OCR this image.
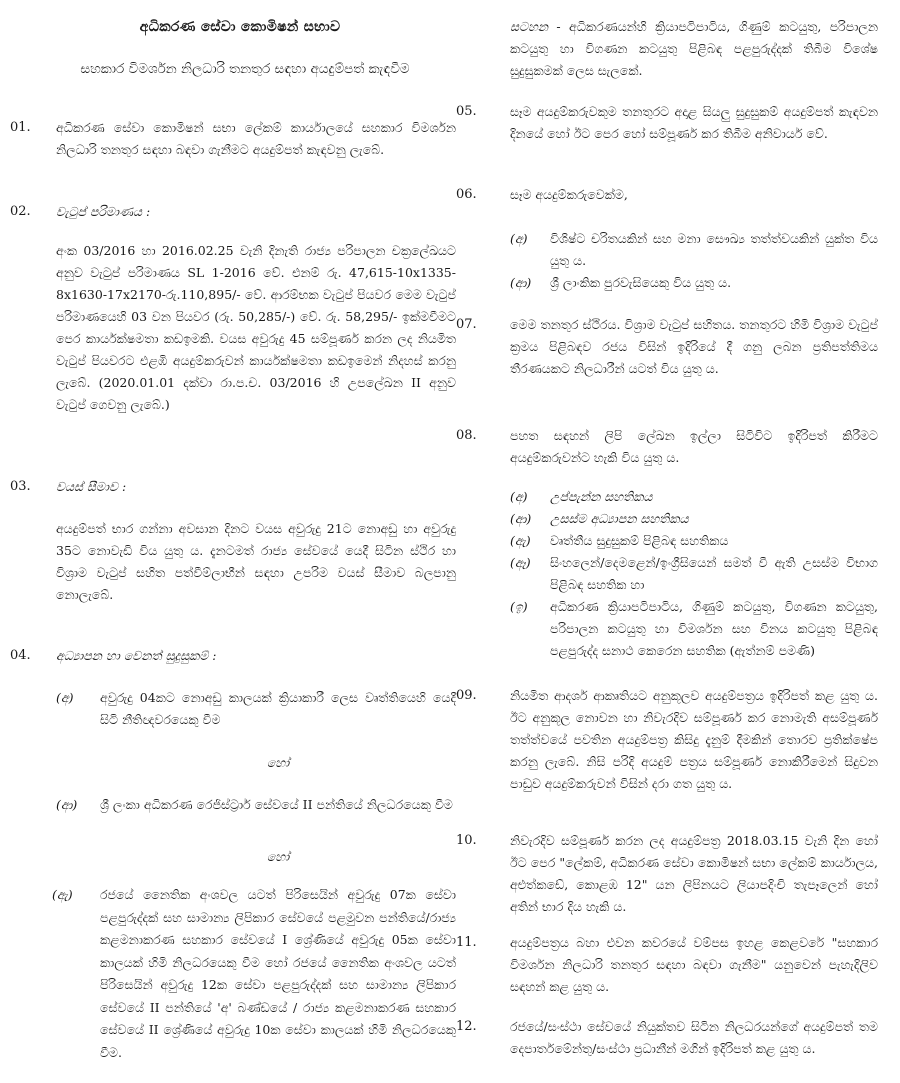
අධිකරණ සේවා කොමිෂන් සභාව

සහකාර විමර්ශන නිලධාරි තනතුර සඳහා අයදුම්පත් කැඳවීම

01. අධිකරණ සේවා කොමිෂන් සභා ලේකම් කාර්යාලයේ සහකාර විමර්ශන නිලධාරි තනතුර සඳහා බඳවා ගැනීමට අයදුම්පත් කැඳවනු ලැබේ.

02. වැටුප් පරිමාණය :

අංක 03/2016 හා 2016.02.25 වැනි දිනැති රාජ්‍ය පරිපාලන චක්‍රලේඛයට අනුව වැටුප් පරිමාණය SL 1-2016 වේ. එනම් රු. 47,615-10x1335-8x1630-17x2170-රු.110,895/- වේ. ආරම්භක වැටුප් පියවර මෙම වැටුප් පරිමාණයෙහි 03 වන පියවර (රු. 50,285/-) වේ. රු. 58,295/- ඉක්මවීමට පෙර කාර්යක්ෂමතා කඩඉමකි. වයස අවුරුදු 45 සම්පූර්ණ කරන ලද නියමිත වැටුප් පියවරට එළඹි අයදුම්කරුවන් කාර්යක්ෂමතා කඩඉමෙන් නිදහස් කරනු ලැබේ. (2020.01.01 දක්වා රා.ප.ච. 03/2016 හි උපලේඛන II අනුව වැටුප් ගෙවනු ලැබේ.)

03. වයස් සීමාව :

අයදුම්පත් භාර ගන්නා අවසාන දිනට වයස අවුරුදු 21ට නොඅඩු හා අවුරුදු 35ට නොවැඩි විය යුතු ය. දැනටමත් රාජ්‍ය සේවයේ යෙදී සිටින ස්ථිර හා විශ්‍රාම වැටුප් සහිත පත්වීම්ලාභීන් සඳහා උපරිම වයස් සීමාව බලපානු නොලැබේ.

04. අධ්‍යාපන හා වෙනත් සුදුසුකම් :

(අ) අවුරුදු 04කට නොඅඩු කාලයක් ක්‍රියාකාරී ලෙස වෘත්තියෙහි යෙදී සිටි නීතිඥවරයෙකු වීම

හෝ

(ආ) ශ්‍රී ලංකා අධිකරණ රෙජිස්ට්‍රාර් සේවයේ II පන්තියේ නිලධරයෙකු වීම

හෝ

(ඇ) රජයේ නෛතික අංශවල යටත් පිරිසෙයින් අවුරුදු 07ක සේවා පළපුරුද්දක් සහ සාමාන්‍ය ලිපිකාර සේවයේ පළමුවන පන්තියේ/රාජ්‍ය කළමනාකරණ සහකාර සේවයේ I ශ්‍රේණියේ අවුරුදු 05ක සේවා කාලයක් හිමි නිලධරයෙකු වීම හෝ රජයේ නෛතික අංශවල යටත් පිරිසෙයින් අවුරුදු 12ක සේවා පළපුරුද්දක් සහ සාමාන්‍ය ලිපිකාර සේවයේ II පන්තියේ 'අ' බණ්ඩයේ / රාජ්‍ය කළමනාකරණ සහකාර සේවයේ II ශ්‍රේණියේ අවුරුදු 10ක සේවා කාලයක් හිමි නිලධරයෙකු වීම.

සටහන - අධිකරණයන්හි ක්‍රියාපටිපාටිය, ගිණුම් කටයුතු, පරිපාලන කටයුතු හා විගණන කටයුතු පිළිබඳ පළපුරුද්දක් තිබීම විශේෂ සුදුසුකමක් ලෙස සැලකේ.

05.	සෑම අයදුම්කරුවකුම තනතුරට අදාළ සියලු සුදුසුකම් අයදුම්පත් කැඳවන දිනයේ හෝ ඊට පෙර හෝ සම්පූර්ණ කර තිබීම අනිවාර්ය වේ.

06.	සෑම අයදුම්කරුවෙක්ම,

(අ) විශිෂ්ට චරිතයකින් සහ මනා සෞඛ්‍ය තත්ත්වයකින් යුක්ත විය යුතු ය.

(ආ) ශ්‍රී ලාංකික පුරවැසියෙකු විය යුතු ය.

07.	මෙම තනතුර ස්ථිරය. විශ්‍රාම වැටුප් සහිතය. තනතුරට හිමි විශ්‍රාම වැටුප් ක්‍රමය පිළිබඳව රජය විසින් ඉදිරියේ දී ගනු ලබන ප්‍රතිපත්තිමය තීරණයකට නිලධාරීන් යටත් විය යුතු ය.

08.	පහත සඳහන් ලිපි ලේඛන ඉල්ලා සිටිවිට ඉදිරිපත් කිරීමට අයදුම්කරුවන්ට හැකි විය යුතු ය.

(අ) උප්පැන්න සහතිකය

(ආ) උසස්ම අධ්‍යාපන සහතිකය

(ඇ) වෘත්තීය සුදුසුකම් පිළිබඳ සහතිකය

(ඈ) සිංහලෙන්/දෙමළෙන්/ඉංග්‍රීසියෙන් සමත් වී ඇති උසස්ම විභාග පිළිබඳ සහතික හා

(ඉ) අධිකරණ ක්‍රියාපටිපාටිය, ගිණුම් කටයුතු, විගණන කටයුතු, පරිපාලන කටයුතු හා විමර්ශන සහ විනය කටයුතු පිළිබඳ පළපුරුද්ද සනාථ කෙරෙන සහතික (ඇත්නම් පමණි)

09.	නියමිත ආදර්ශ ආකෘතියට අනුකූලව අයදුම්පත්‍රය ඉදිරිපත් කළ යුතු ය. ඊට අනුකූල නොවන හා නිවැරදිව සම්පූර්ණ කර නොමැති අසම්පූර්ණ තත්ත්වයේ පවතින අයදුම්පත්‍ර කිසිදු දැනුම් දීමකින් තොරව ප්‍රතික්ෂේප කරනු ලැබේ. නිසි පරිදි අයදුම් පත්‍රය සම්පූර්ණ නොකිරීමෙන් සිදුවන පාඩුව අයදුම්කරුවන් විසින් දරා ගත යුතු ය.

10.	නිවැරදිව සම්පූර්ණ කරන ලද අයදුම්පත්‍ර 2018.03.15 වැනි දින හෝ ඊට පෙර "ලේකම්, අධිකරණ සේවා කොමිෂන් සභා ලේකම් කාර්යාලය, අළුත්කඩේ, කොළඹ 12" යන ලිපිනයට ලියාපදිංචි තැපෑලෙන් හෝ අතින් භාර දිය හැකි ය.

11.	අයදුම්පත්‍රය බහා එවන කවරයේ වම්පස ඉහළ කෙළවරේ "සහකාර විමර්ශන නිලධාරි තනතුර සඳහා බඳවා ගැනීම" යනුවෙන් පැහැදිලිව සඳහන් කළ යුතු ය.

12.	රජයේ/සංස්ථා සේවයේ නියුක්තව සිටින නිලධරයන්ගේ අයදුම්පත් තම දෙපාර්තමේන්තු/සංස්ථා ප්‍රධානීන් මගින් ඉදිරිපත් කළ යුතු ය.
